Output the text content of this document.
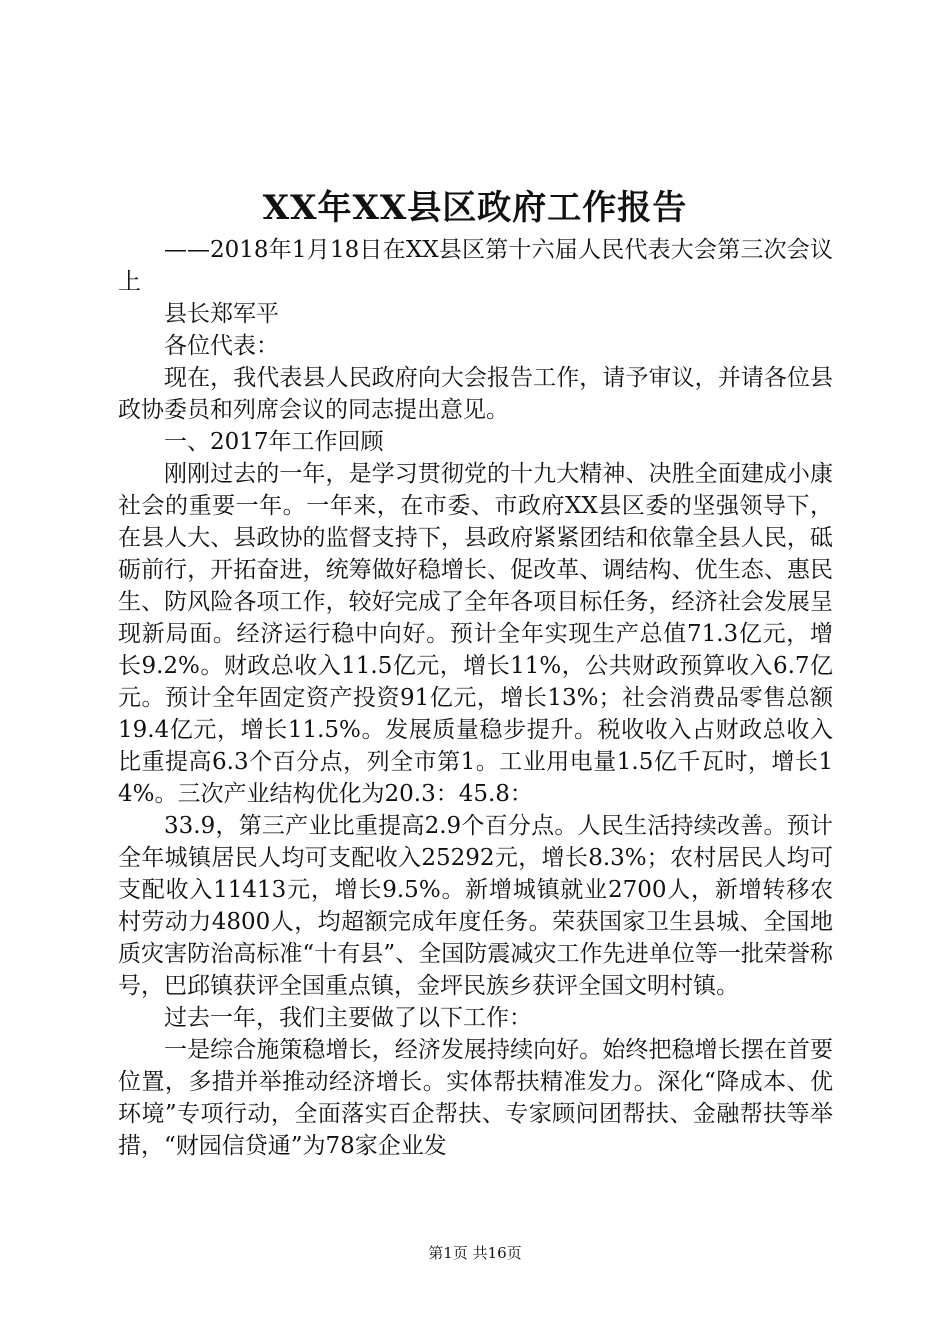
XX年XX县区政府工作报告

——2018年1月18日在XX县区第十六届人民代表大会第三次会议上

县长郑军平

各位代表：

现在，我代表县人民政府向大会报告工作，请予审议，并请各位县政协委员和列席会议的同志提出意见。

一、2017年工作回顾

刚刚过去的一年，是学习贯彻党的十九大精神、决胜全面建成小康社会的重要一年。一年来，在市委、市政府XX县区委的坚强领导下，在县人大、县政协的监督支持下，县政府紧紧团结和依靠全县人民，砥砺前行，开拓奋进，统筹做好稳增长、促改革、调结构、优生态、惠民生、防风险各项工作，较好完成了全年各项目标任务，经济社会发展呈现新局面。经济运行稳中向好。预计全年实现生产总值71.3亿元，增长9.2%。财政总收入11.5亿元，增长11%，公共财政预算收入6.7亿元。预计全年固定资产投资91亿元，增长13%；社会消费品零售总额19.4亿元，增长11.5%。发展质量稳步提升。税收收入占财政总收入比重提高6.3个百分点，列全市第1。工业用电量1.5亿千瓦时，增长14%。三次产业结构优化为20.3：45.8：

33.9，第三产业比重提高2.9个百分点。人民生活持续改善。预计全年城镇居民人均可支配收入25292元，增长8.3%；农村居民人均可支配收入11413元，增长9.5%。新增城镇就业2700人，新增转移农村劳动力4800人，均超额完成年度任务。荣获国家卫生县城、全国地质灾害防治高标准“十有县”、全国防震减灾工作先进单位等一批荣誉称号，巴邱镇获评全国重点镇，金坪民族乡获评全国文明村镇。

过去一年，我们主要做了以下工作：

一是综合施策稳增长，经济发展持续向好。始终把稳增长摆在首要位置，多措并举推动经济增长。实体帮扶精准发力。深化“降成本、优环境”专项行动，全面落实百企帮扶、专家顾问团帮扶、金融帮扶等举措，“财园信贷通”为78家企业发

第1页 共16页
